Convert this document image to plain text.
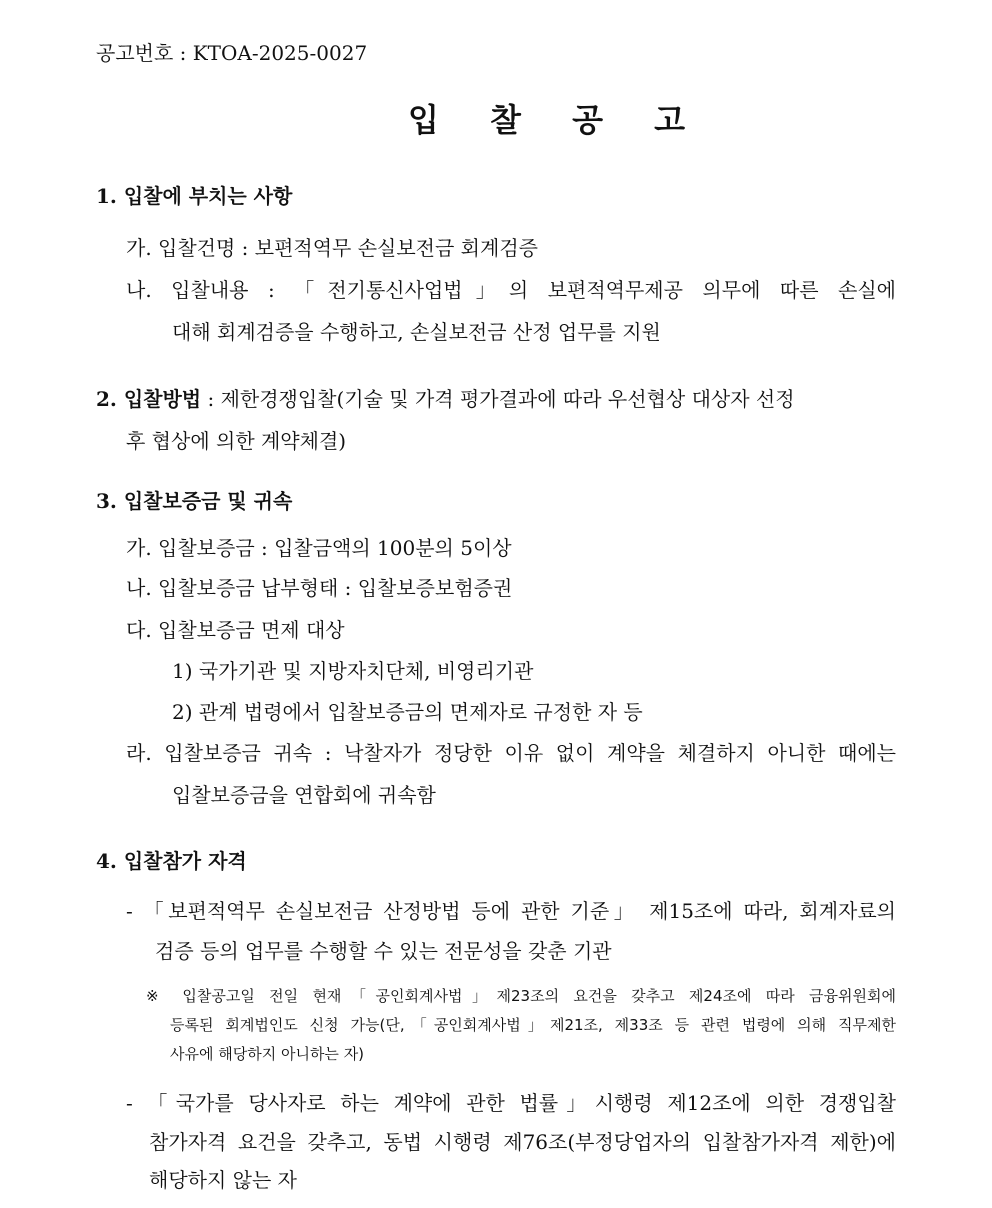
공고번호 : KTOA-2025-0027
입 찰 공 고
1. 입찰에 부치는 사항
가. 입찰건명 : 보편적역무 손실보전금 회계검증
나. 입찰내용 : 「전기통신사업법」의 보편적역무제공 의무에 따른 손실에
대해 회계검증을 수행하고, 손실보전금 산정 업무를 지원
2. 입찰방법 : 제한경쟁입찰(기술 및 가격 평가결과에 따라 우선협상 대상자 선정
후 협상에 의한 계약체결)
3. 입찰보증금 및 귀속
가. 입찰보증금 : 입찰금액의 100분의 5이상
나. 입찰보증금 납부형태 : 입찰보증보험증권
다. 입찰보증금 면제 대상
1) 국가기관 및 지방자치단체, 비영리기관
2) 관계 법령에서 입찰보증금의 면제자로 규정한 자 등
라. 입찰보증금 귀속 : 낙찰자가 정당한 이유 없이 계약을 체결하지 아니한 때에는
입찰보증금을 연합회에 귀속함
4. 입찰참가 자격
- 「보편적역무 손실보전금 산정방법 등에 관한 기준」 제15조에 따라, 회계자료의
검증 등의 업무를 수행할 수 있는 전문성을 갖춘 기관
※ 입찰공고일 전일 현재「공인회계사법」제23조의 요건을 갖추고 제24조에 따라 금융위원회에
등록된 회계법인도 신청 가능(단,「공인회계사법」제21조, 제33조 등 관련 법령에 의해 직무제한
사유에 해당하지 아니하는 자)
- 「국가를 당사자로 하는 계약에 관한 법률」시행령 제12조에 의한 경쟁입찰
참가자격 요건을 갖추고, 동법 시행령 제76조(부정당업자의 입찰참가자격 제한)에
해당하지 않는 자
